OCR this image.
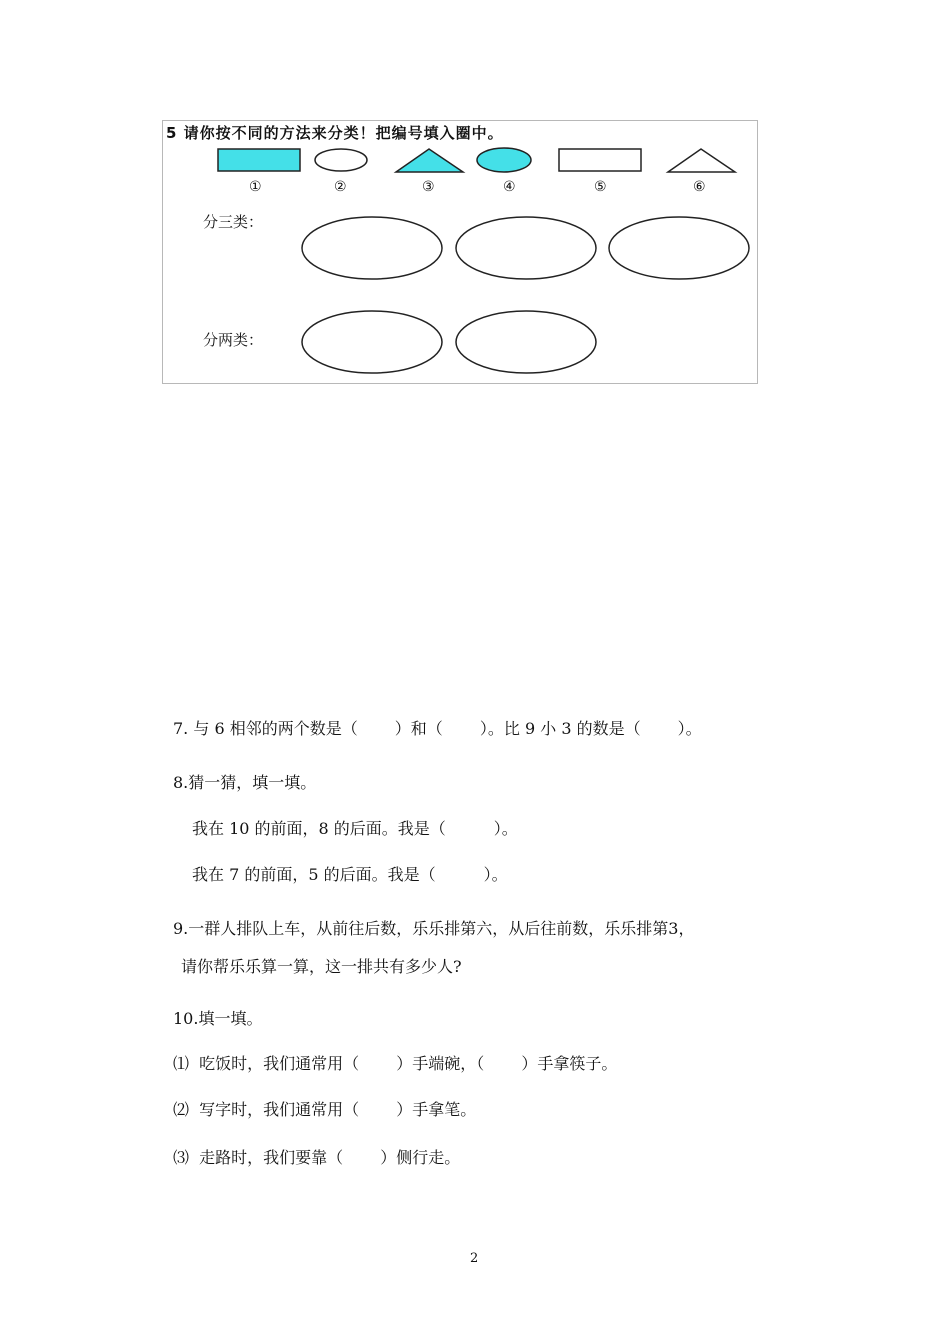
5 请你按不同的方法来分类！把编号填入圈中。
①	②	③	④	⑤	⑥
分三类：
分两类：
7. 与 6 相邻的两个数是（　　 ）和（　　 ）。比 9 小 3 的数是（　　 ）。
8.猜一猜，填一填。
我在 10 的前面，8 的后面。我是（　　　）。
我在 7 的前面，5 的后面。我是（　　　）。
9.一群人排队上车，从前往后数，乐乐排第六，从后往前数，乐乐排第3，
请你帮乐乐算一算，这一排共有多少人?
10.填一填。
⑴  吃饭时，我们通常用（　　 ）手端碗，（　　 ）手拿筷子。
⑵  写字时，我们通常用（　　 ）手拿笔。
⑶  走路时，我们要靠（　　 ）侧行走。
2
